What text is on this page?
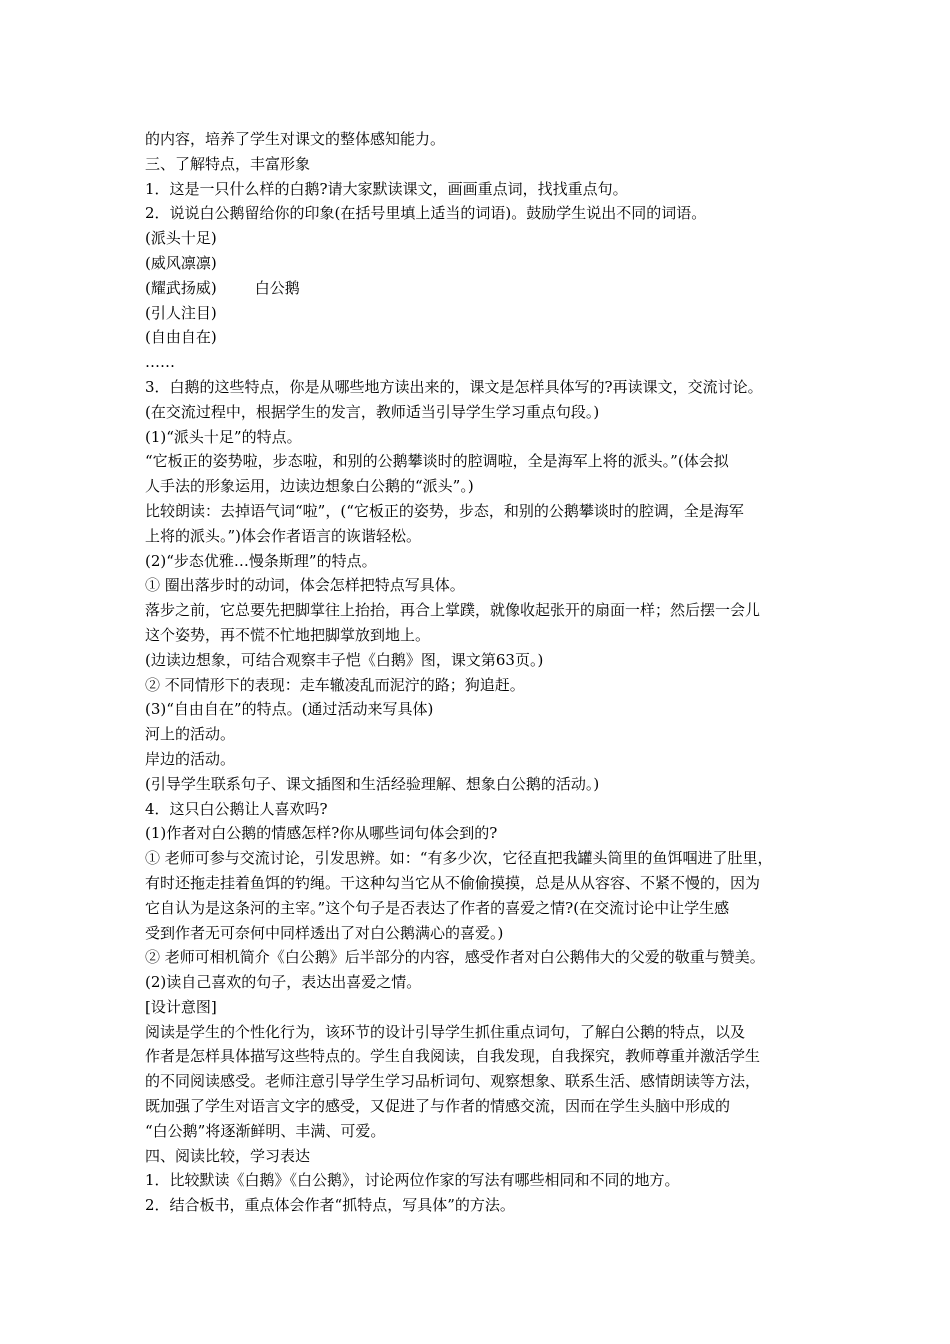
的内容，培养了学生对课文的整体感知能力。
三、了解特点，丰富形象
1．这是一只什么样的白鹅?请大家默读课文，画画重点词，找找重点句。
2．说说白公鹅留给你的印象(在括号里填上适当的词语)。鼓励学生说出不同的词语。
(派头十足)
(威风凛凛)
(耀武扬威)	白公鹅
(引人注目)
(自由自在)
……
3．白鹅的这些特点，你是从哪些地方读出来的，课文是怎样具体写的?再读课文，交流讨论。
(在交流过程中，根据学生的发言，教师适当引导学生学习重点句段。)
(1)“派头十足”的特点。
“它板正的姿势啦，步态啦，和别的公鹅攀谈时的腔调啦，全是海军上将的派头。”(体会拟
人手法的形象运用，边读边想象白公鹅的“派头”。)
比较朗读：去掉语气词“啦”，(“它板正的姿势，步态，和别的公鹅攀谈时的腔调，全是海军
上将的派头。”)体会作者语言的诙谐轻松。
(2)“步态优雅…慢条斯理”的特点。
① 圈出落步时的动词，体会怎样把特点写具体。
落步之前，它总要先把脚掌往上抬抬，再合上掌蹼，就像收起张开的扇面一样；然后摆一会儿
这个姿势，再不慌不忙地把脚掌放到地上。
(边读边想象，可结合观察丰子恺《白鹅》图，课文第63页。)
② 不同情形下的表现：走车辙凌乱而泥泞的路；狗追赶。
(3)“自由自在”的特点。(通过活动来写具体)
河上的活动。
岸边的活动。
(引导学生联系句子、课文插图和生活经验理解、想象白公鹅的活动。)
4．这只白公鹅让人喜欢吗?
(1)作者对白公鹅的情感怎样?你从哪些词句体会到的?
① 老师可参与交流讨论，引发思辨。如：“有多少次，它径直把我罐头筒里的鱼饵啯进了肚里，
有时还拖走挂着鱼饵的钓绳。干这种勾当它从不偷偷摸摸，总是从从容容、不紧不慢的，因为
它自认为是这条河的主宰。”这个句子是否表达了作者的喜爱之情?(在交流讨论中让学生感
受到作者无可奈何中同样透出了对白公鹅满心的喜爱。)
② 老师可相机简介《白公鹅》后半部分的内容，感受作者对白公鹅伟大的父爱的敬重与赞美。
(2)读自己喜欢的句子，表达出喜爱之情。
[设计意图]
阅读是学生的个性化行为，该环节的设计引导学生抓住重点词句，了解白公鹅的特点，以及
作者是怎样具体描写这些特点的。学生自我阅读，自我发现，自我探究，教师尊重并激活学生
的不同阅读感受。老师注意引导学生学习品析词句、观察想象、联系生活、感情朗读等方法，
既加强了学生对语言文字的感受，又促进了与作者的情感交流，因而在学生头脑中形成的
“白公鹅”将逐渐鲜明、丰满、可爱。
四、阅读比较，学习表达
1．比较默读《白鹅》《白公鹅》，讨论两位作家的写法有哪些相同和不同的地方。
2．结合板书，重点体会作者“抓特点，写具体”的方法。
